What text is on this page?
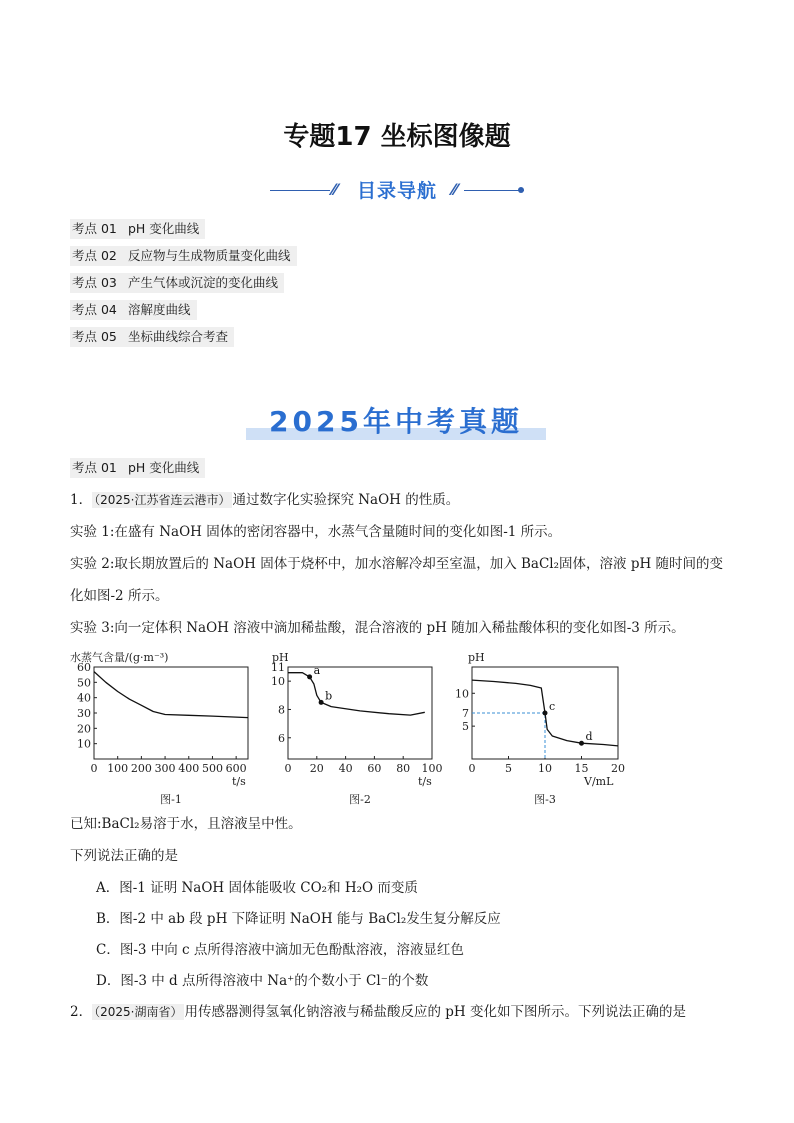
专题17 坐标图像题
⁄⁄	目录导航 ⁄⁄
考点 01 pH 变化曲线
考点 02 反应物与生成物质量变化曲线
考点 03 产生气体或沉淀的变化曲线
考点 04 溶解度曲线
考点 05 坐标曲线综合考查
2025年中考真题
考点 01 pH 变化曲线
1． （2025·江苏省连云港市） 通过数字化实验探究 NaOH 的性质。
实验 1:在盛有 NaOH 固体的密闭容器中，水蒸气含量随时间的变化如图-1 所示。
实验 2:取长期放置后的 NaOH 固体于烧杯中，加水溶解冷却至室温，加入 BaCl₂固体，溶液 pH 随时间的变
化如图-2 所示。
实验 3:向一定体积 NaOH 溶液中滴加稀盐酸，混合溶液的 pH 随加入稀盐酸体积的变化如图-3 所示。
水蒸气含量/(g·m⁻³)
t/s
0 100 200 300 400 500 600
10
20
30
40
50
60
图-1
pH
t/s
0 20 40 60 80 100
6
8
10
11	a
b
图-2
pH
V/mL
0	5 10 15 20
5
7
10
c
d
图-3
已知:BaCl₂易溶于水，且溶液呈中性。
下列说法正确的是
A．图-1 证明 NaOH 固体能吸收 CO₂和 H₂O 而变质
B．图-2 中 ab 段 pH 下降证明 NaOH 能与 BaCl₂发生复分解反应
C．图-3 中向 c 点所得溶液中滴加无色酚酞溶液，溶液显红色
D．图-3 中 d 点所得溶液中 Na⁺的个数小于 Cl⁻的个数
2． （2025·湖南省） 用传感器测得氢氧化钠溶液与稀盐酸反应的 pH 变化如下图所示。下列说法正确的是
